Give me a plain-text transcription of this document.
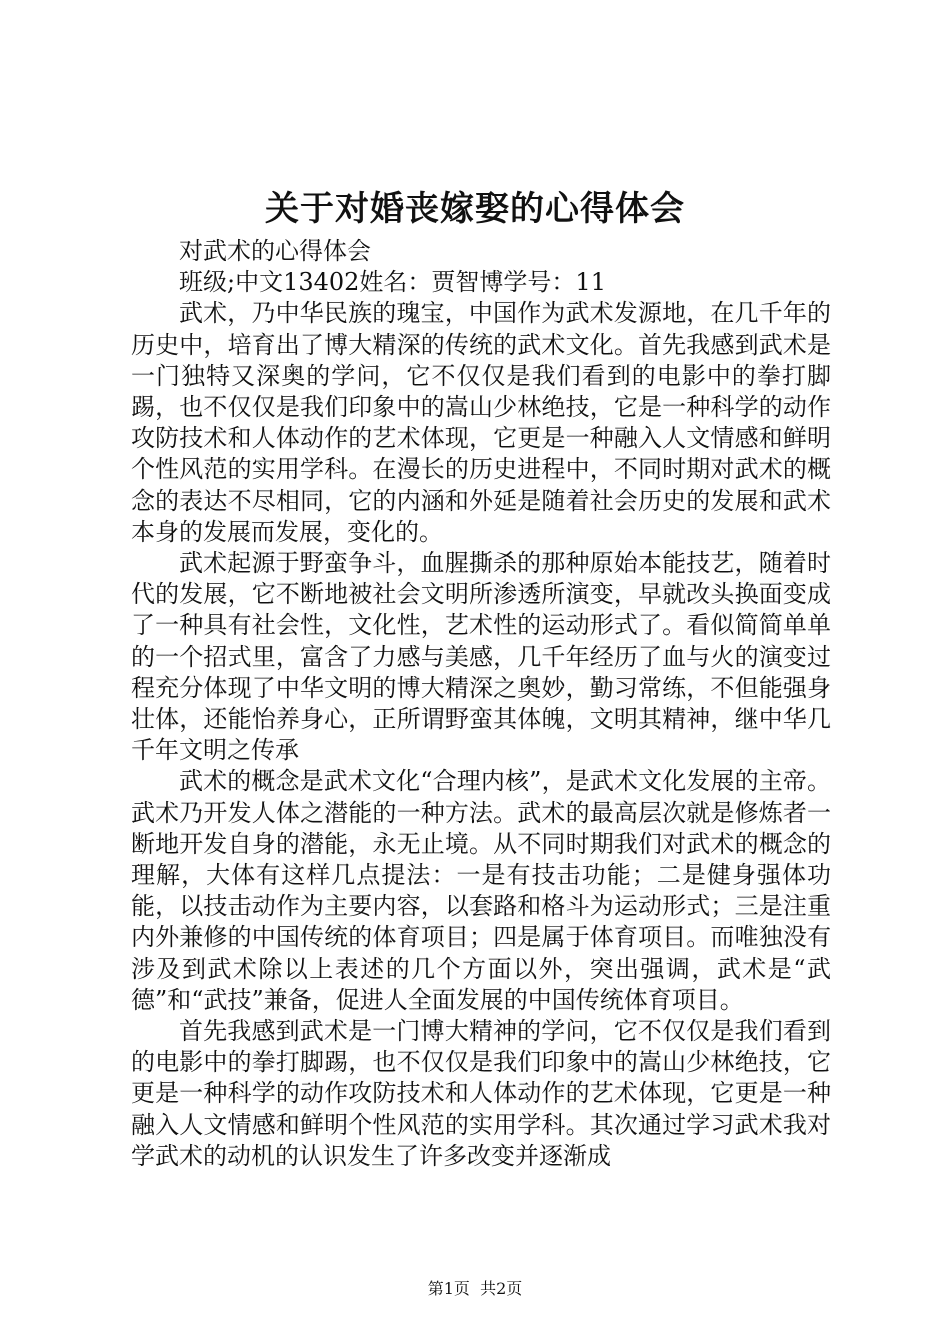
关于对婚丧嫁娶的心得体会

对武术的心得体会

班级;中文13402姓名：贾智博学号：11

武术，乃中华民族的瑰宝，中国作为武术发源地，在几千年的历史中，培育出了博大精深的传统的武术文化。首先我感到武术是一门独特又深奥的学问，它不仅仅是我们看到的电影中的拳打脚踢，也不仅仅是我们印象中的嵩山少林绝技，它是一种科学的动作攻防技术和人体动作的艺术体现，它更是一种融入人文情感和鲜明个性风范的实用学科。在漫长的历史进程中，不同时期对武术的概念的表达不尽相同，它的内涵和外延是随着社会历史的发展和武术本身的发展而发展，变化的。

武术起源于野蛮争斗，血腥撕杀的那种原始本能技艺，随着时代的发展，它不断地被社会文明所渗透所演变，早就改头换面变成了一种具有社会性，文化性，艺术性的运动形式了。看似简简单单的一个招式里，富含了力感与美感，几千年经历了血与火的演变过程充分体现了中华文明的博大精深之奥妙，勤习常练，不但能强身壮体，还能怡养身心，正所谓野蛮其体魄，文明其精神，继中华几千年文明之传承

武术的概念是武术文化“合理内核”，是武术文化发展的主帝。武术乃开发人体之潜能的一种方法。武术的最高层次就是修炼者一断地开发自身的潜能，永无止境。从不同时期我们对武术的概念的理解，大体有这样几点提法：一是有技击功能；二是健身强体功能，以技击动作为主要内容，以套路和格斗为运动形式；三是注重内外兼修的中国传统的体育项目；四是属于体育项目。而唯独没有涉及到武术除以上表述的几个方面以外，突出强调，武术是“武德”和“武技”兼备，促进人全面发展的中国传统体育项目。

首先我感到武术是一门博大精神的学问，它不仅仅是我们看到的电影中的拳打脚踢，也不仅仅是我们印象中的嵩山少林绝技，它更是一种科学的动作攻防技术和人体动作的艺术体现，它更是一种融入人文情感和鲜明个性风范的实用学科。其次通过学习武术我对学武术的动机的认识发生了许多改变并逐渐成

第1页 共2页
